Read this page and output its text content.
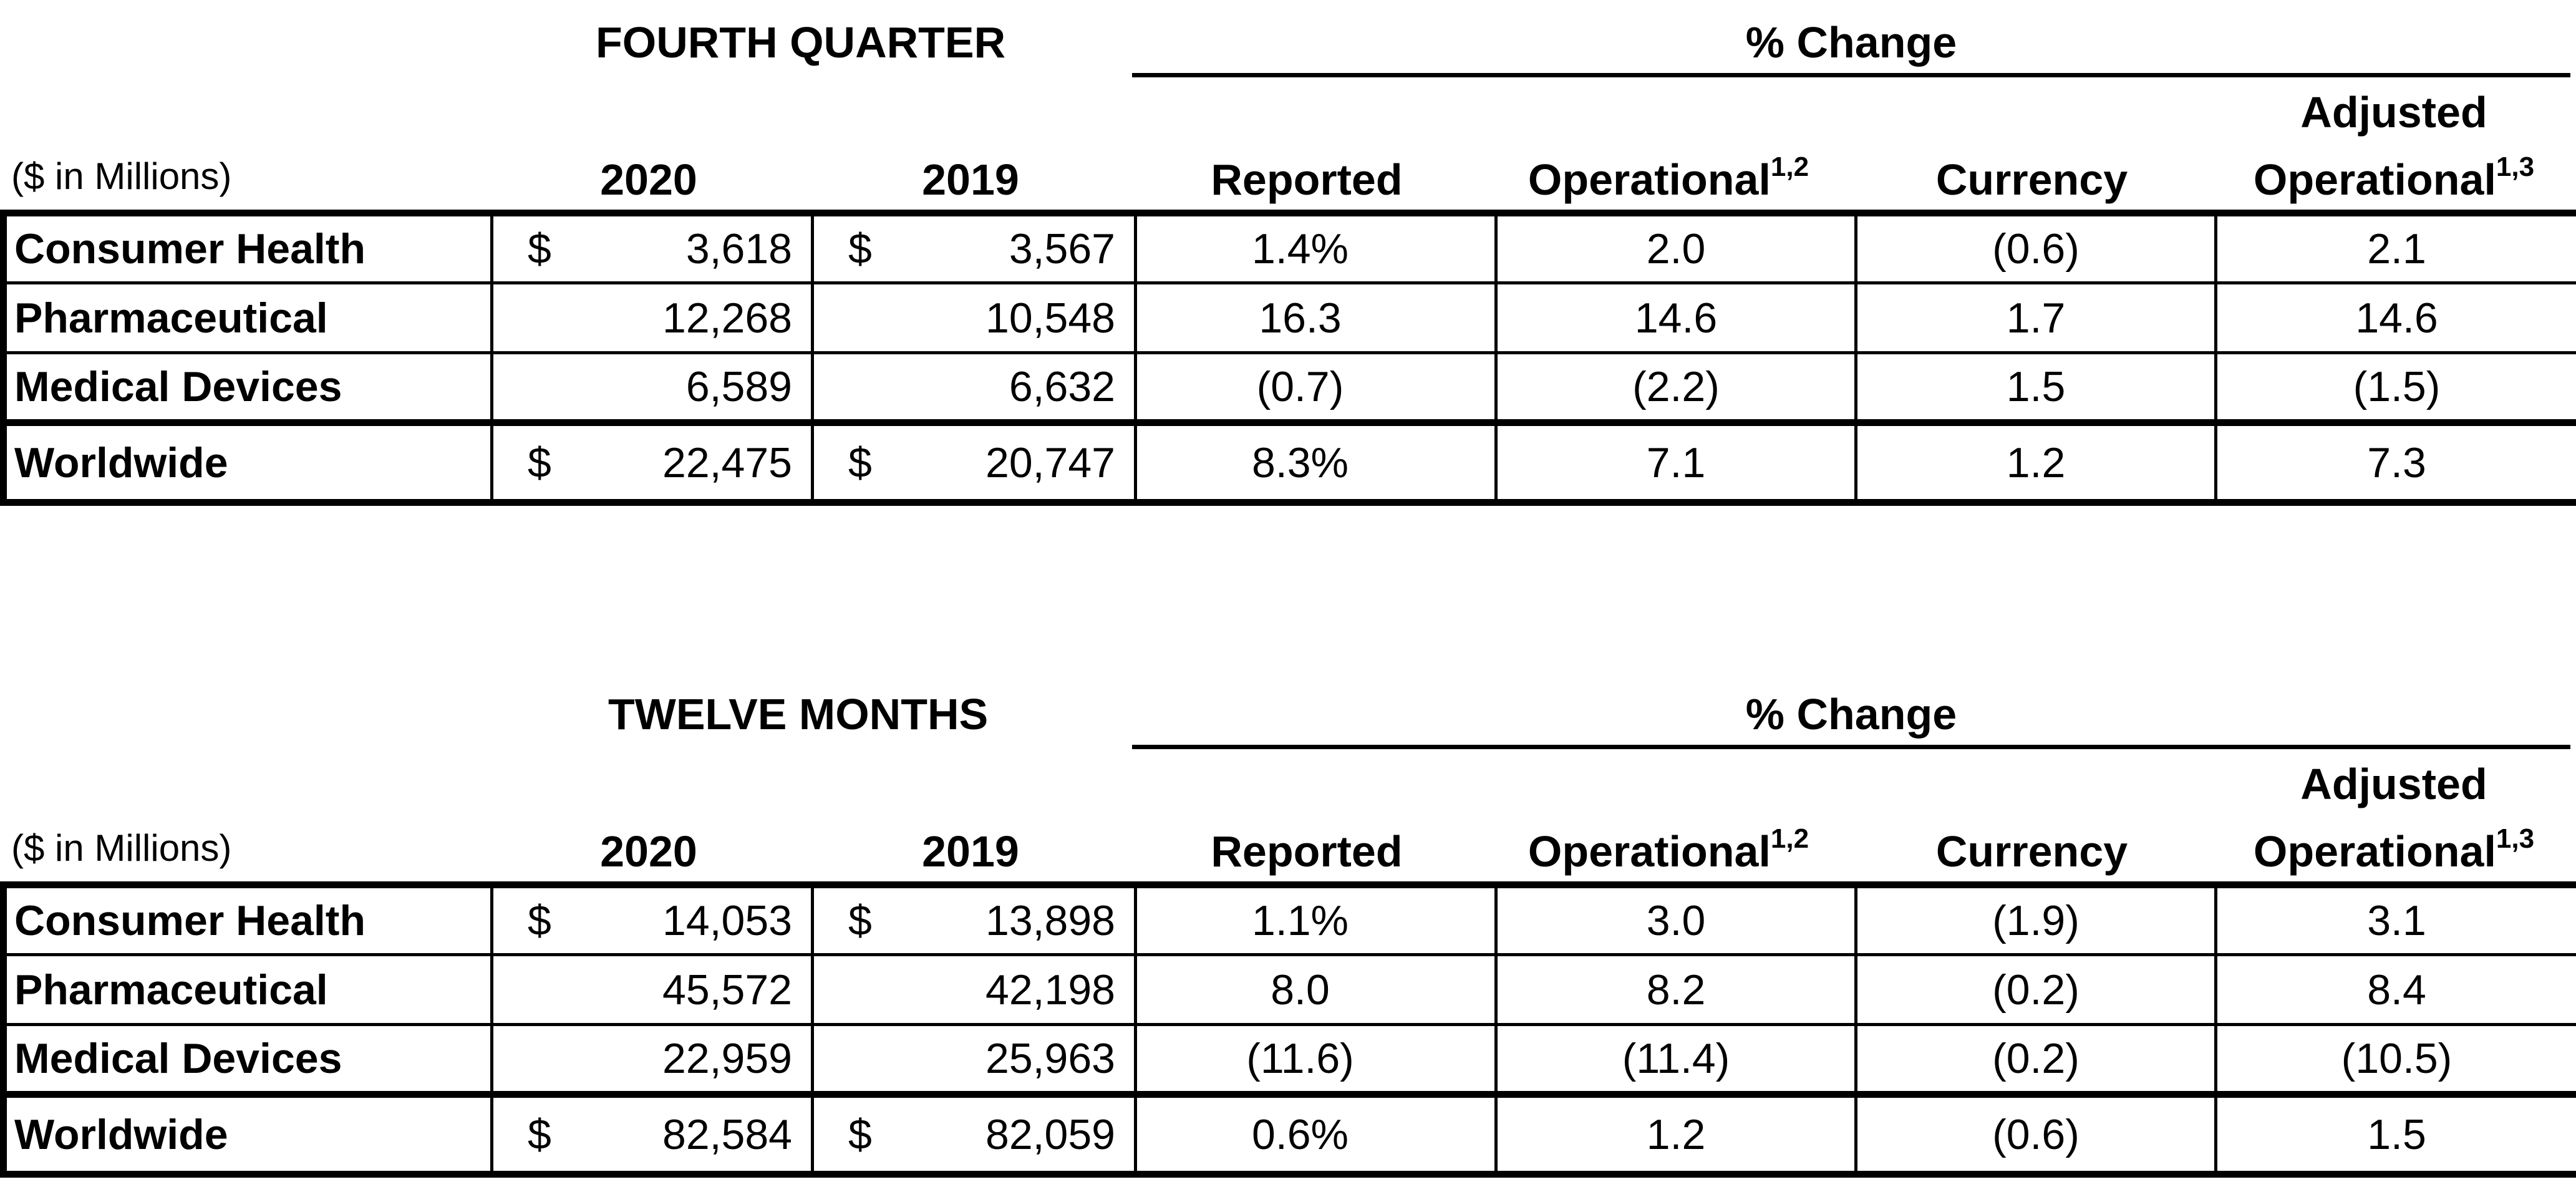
FOURTH QUARTER	% Change
Adjusted
($ in Millions)	2020	2019	Reported	Operational$^{1,2}$	Currency	Operational$^{1,3}$
Consumer Health	$ 3,618	$ 3,567	1.4%	2.0	(0.6)	2.1
Pharmaceutical	12,268	10,548	16.3	14.6	1.7	14.6
Medical Devices	6,589	6,632	(0.7)	(2.2)	1.5	(1.5)
Worldwide	$ 22,475	$ 20,747	8.3%	7.1	1.2	7.3
TWELVE MONTHS	% Change
Adjusted
($ in Millions)	2020	2019	Reported	Operational$^{1,2}$	Currency	Operational$^{1,3}$
Consumer Health	$ 14,053	$ 13,898	1.1%	3.0	(1.9)	3.1
Pharmaceutical	45,572	42,198	8.0	8.2	(0.2)	8.4
Medical Devices	22,959	25,963	(11.6)	(11.4)	(0.2)	(10.5)
Worldwide	$ 82,584	$ 82,059	0.6%	1.2	(0.6)	1.5
